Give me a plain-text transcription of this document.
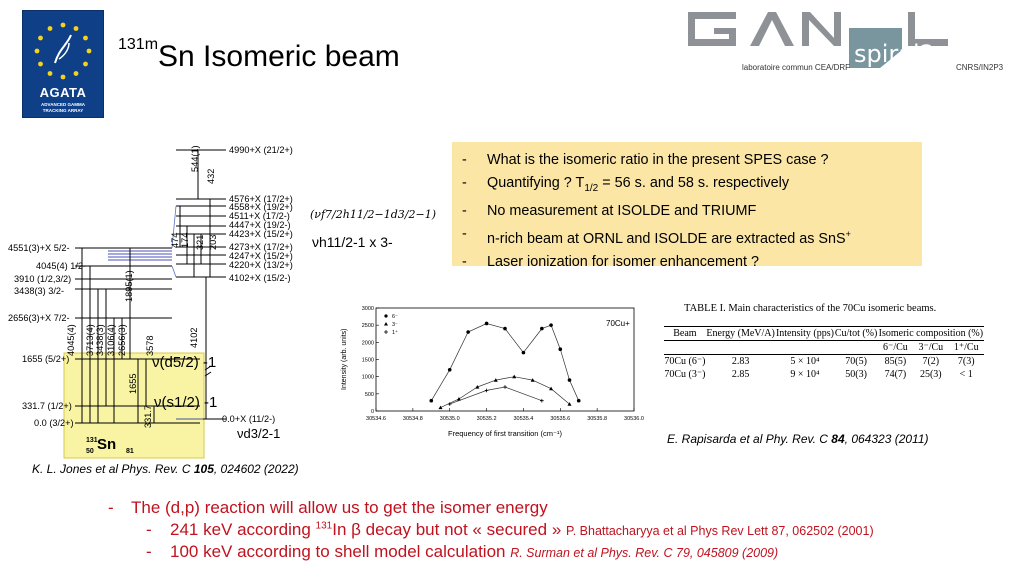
AGATA
ADVANCED GAMMA
TRACKING ARRAY
$^{131m}$Sn Isomeric beam	spiral2
laboratoire commun CEA/DRF	CNRS/IN2P3
- What is the isomeric ratio in the present SPES case ?
- Quantifying ? $T_{1/2} = 56$ s. and 58 s. respectively
- No measurement at ISOLDE and TRIUMF
- n-rich beam at ORNL and ISOLDE are extracted as SnS+
- Laser ionization for isomer enhancement ?
4551(3)+X 5/2-
4045(4) 1/2-
3910 (1/2,3/2)
3438(3) 3/2-
2656(3)+X 7/2-
1655 (5/2+)
331.7 (1/2+)
0.0 (3/2+)
4990+X (21/2+)
4576+X (17/2+)
4558+X (19/2+)
4511+X (17/2-)
4447+X (19/2-)
4423+X (15/2+)
4273+X (17/2+)
4247+X (15/2+)
4220+X (13/2+)
4102+X (15/2-)
0.0+X (11/2-)
544(1)
432
474 174 321 203
4102
1895(1)
3578
4045(4) 3713(4) 3438(3) 3106(4) 2656(3)
1655
331.7
(νf7/2h11/2−1d3/2−1)
νh11/2-1 x 3-
131
50 Sn 81
ν(d5/2) -1
ν(s1/2) -1
νd3/2-1
K. L. Jones et al Phys. Rev. C 105, 024602 (2022)
30534.6	30534.8	30535.0	30535.2	30535.4	30535.6	30535.8	30536.0
0
500
1000
1500
2000
2500
3000
6⁻
3⁻
1⁺
Intensity (arb. units)
Frequency of first transition (cm⁻¹)
70Cu+
TABLE I. Main characteristics of the 70Cu isomeric beams.
Beam	Energy (MeV/A)	Intensity (pps)	Cu/tot (%)	Isomeric composition (%)		
				6⁻/Cu	3⁻/Cu	1⁺/Cu
70Cu (6⁻)	2.83	5 × 10⁴	70(5)	85(5)	7(2)	7(3)
70Cu (3⁻)	2.85	9 × 10⁴	50(3)	74(7)	25(3)	< 1
E. Rapisarda et al Phy. Rev. C 84, 064323 (2011)
- The (d,p) reaction will allow us to get the isomer energy
- 241 keV according $^{131}$In β decay but not « secured » P. Bhattacharyya et al Phys Rev Lett 87, 062502 (2001)
- 100 keV according to shell model calculation R. Surman et al Phys. Rev. C 79, 045809 (2009)
